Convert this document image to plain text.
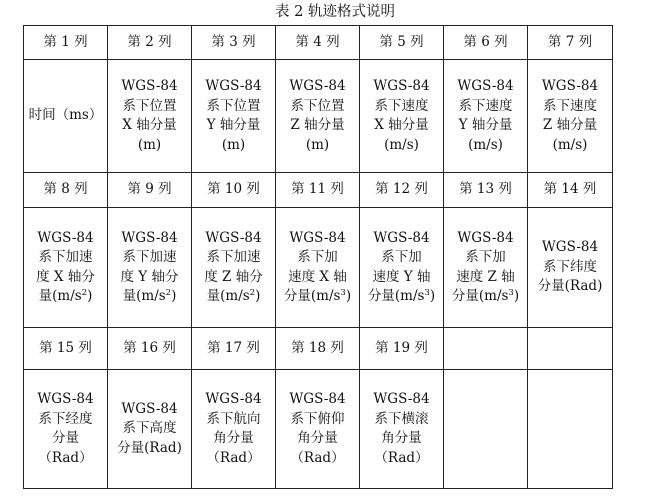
表 2 轨迹格式说明
第 1 列	第 2 列	第 3 列	第 4 列	第 5 列	第 6 列	第 7 列

时间（ms）	WGS-84
系下位置
X 轴分量
(m)	WGS-84
系下位置
Y 轴分量
(m)	WGS-84
系下位置
Z 轴分量
(m)	WGS-84
系下速度
X 轴分量
(m/s)	WGS-84
系下速度
Y 轴分量
(m/s)	WGS-84
系下速度
Z 轴分量
(m/s)

第 8 列	第 9 列	第 10 列	第 11 列	第 12 列	第 13 列	第 14 列

WGS-84
系下加速
度 X 轴分
量$(m/s^2)$	WGS-84
系下加速
度 Y 轴分
量$(m/s^2)$	WGS-84
系下加速
度 Z 轴分
量$(m/s^2)$	WGS-84
系下加
速度 X 轴
分量$(m/s^3)$	WGS-84
系下加
速度 Y 轴
分量$(m/s^3)$	WGS-84
系下加
速度 Z 轴
分量$(m/s^3)$	WGS-84
系下纬度
分量(Rad)

第 15 列	第 16 列	第 17 列	第 18 列	第 19 列		

WGS-84
系下经度
分量
（Rad）	WGS-84
系下高度
分量(Rad)	WGS-84
系下航向
角分量
（Rad）	WGS-84
系下俯仰
角分量
（Rad）	WGS-84
系下横滚
角分量
（Rad）		
